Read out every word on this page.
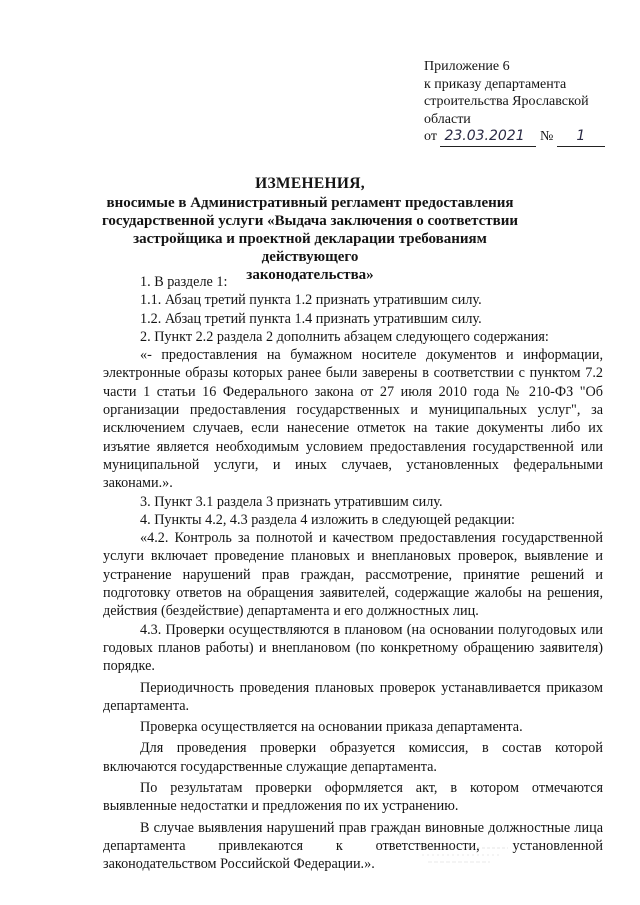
Приложение 6
к приказу департамента
строительства Ярославской
области
от 23.03.2021 № 1
ИЗМЕНЕНИЯ,
вносимые в Административный регламент предоставления
государственной услуги «Выдача заключения о соответствии
застройщика и проектной декларации требованиям действующего
законодательства»

1. В разделе 1:

1.1. Абзац третий пункта 1.2 признать утратившим силу.

1.2. Абзац третий пункта 1.4 признать утратившим силу.

2. Пункт 2.2 раздела 2 дополнить абзацем следующего содержания:

«- предоставления на бумажном носителе документов и информации, электронные образы которых ранее были заверены в соответствии с пунктом 7.2 части 1 статьи 16 Федерального закона от 27 июля 2010 года № 210-ФЗ "Об организации предоставления государственных и муниципальных услуг", за исключением случаев, если нанесение отметок на такие документы либо их изъятие является необходимым условием предоставления государственной или муниципальной услуги, и иных случаев, установленных федеральными законами.».

3. Пункт 3.1 раздела 3 признать утратившим силу.

4. Пункты 4.2, 4.3 раздела 4 изложить в следующей редакции:

«4.2. Контроль за полнотой и качеством предоставления государственной услуги включает проведение плановых и внеплановых проверок, выявление и устранение нарушений прав граждан, рассмотрение, принятие решений и подготовку ответов на обращения заявителей, содержащие жалобы на решения, действия (бездействие) департамента и его должностных лиц.

4.3. Проверки осуществляются в плановом (на основании полугодовых или годовых планов работы) и внеплановом (по конкретному обращению заявителя) порядке.

Периодичность проведения плановых проверок устанавливается приказом департамента.

Проверка осуществляется на основании приказа департамента.

Для проведения проверки образуется комиссия, в состав которой включаются государственные служащие департамента.

По результатам проверки оформляется акт, в котором отмечаются выявленные недостатки и предложения по их устранению.

В случае выявления нарушений прав граждан виновные должностные лица департамента привлекаются к ответственности, установленной законодательством Российской Федерации.».
